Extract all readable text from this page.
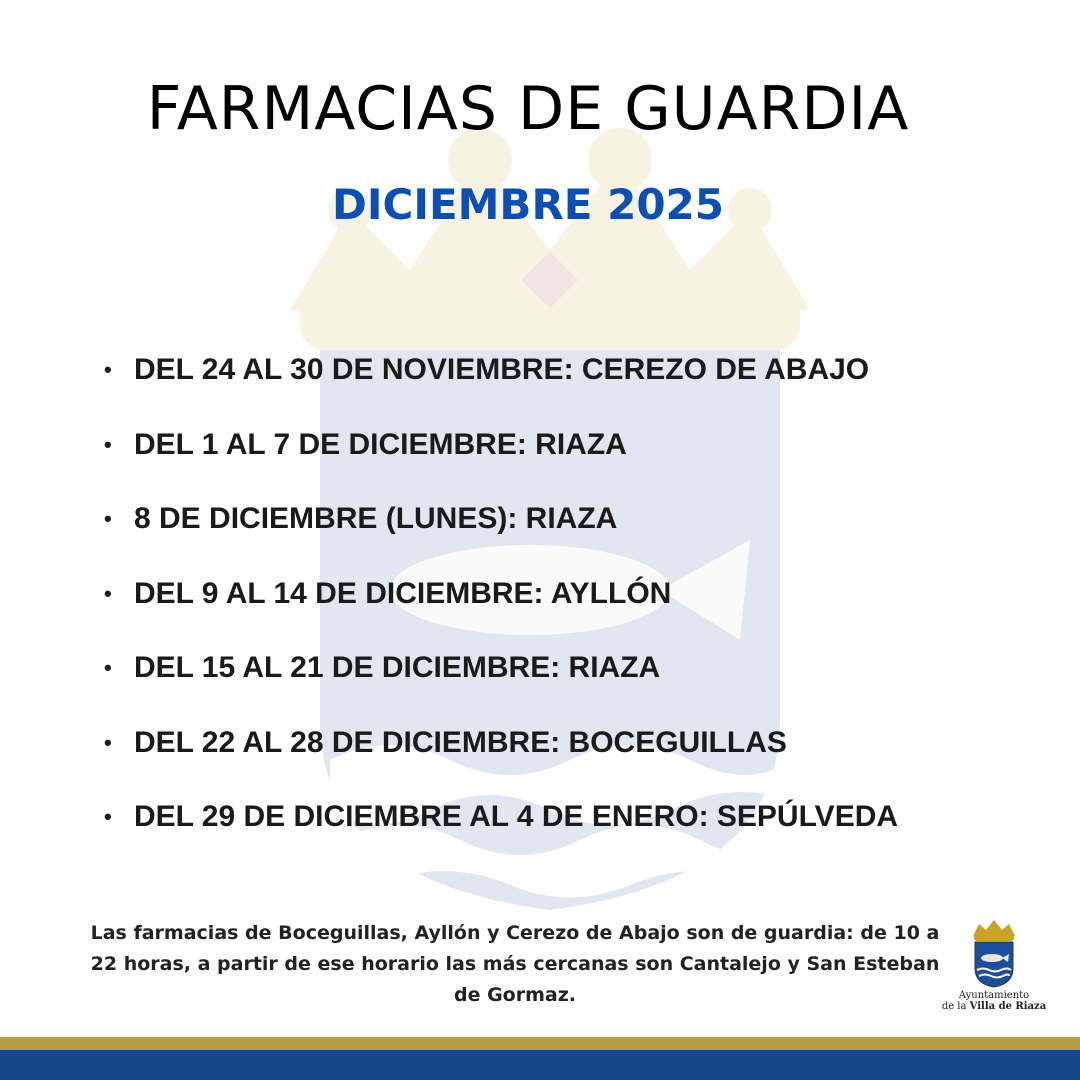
FARMACIAS DE GUARDIA
DICIEMBRE 2025
• DEL 24 AL 30 DE NOVIEMBRE: CEREZO DE ABAJO
• DEL 1 AL 7 DE DICIEMBRE: RIAZA
• 8 DE DICIEMBRE (LUNES): RIAZA
• DEL 9 AL 14 DE DICIEMBRE: AYLLÓN
• DEL 15 AL 21 DE DICIEMBRE: RIAZA
• DEL 22 AL 28 DE DICIEMBRE: BOCEGUILLAS
• DEL 29 DE DICIEMBRE AL 4 DE ENERO: SEPÚLVEDA

Las farmacias de Boceguillas, Ayllón y Cerezo de Abajo son de guardia: de 10 a 22 horas, a partir de ese horario las más cercanas son Cantalejo y San Esteban de Gormaz.	Ayuntamiento
de la Villa de Riaza
